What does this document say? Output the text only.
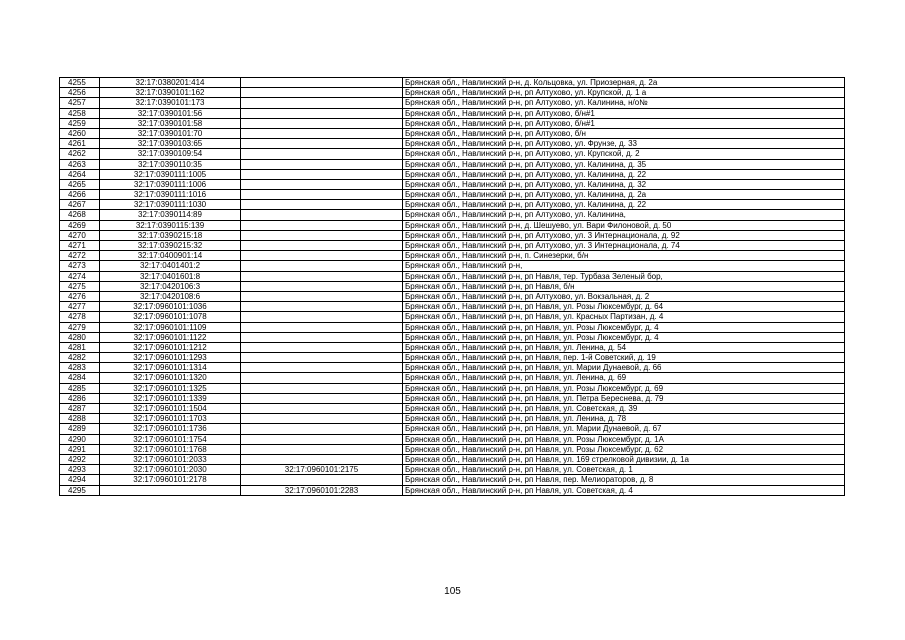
4255	32:17:0380201:414		Брянская обл., Навлинский р-н, д. Кольцовка, ул. Приозерная, д. 2а
4256	32:17:0390101:162		Брянская обл., Навлинский р-н, рп Алтухово, ул. Крупской, д. 1 а
4257	32:17:0390101:173		Брянская обл., Навлинский р-н, рп Алтухово, ул. Калинина, н/о№
4258	32:17:0390101:56		Брянская обл., Навлинский р-н, рп Алтухово, б/н#1
4259	32:17:0390101:58		Брянская обл., Навлинский р-н, рп Алтухово, б/н#1
4260	32:17:0390101:70		Брянская обл., Навлинский р-н, рп Алтухово, б/н
4261	32:17:0390103:65		Брянская обл., Навлинский р-н, рп Алтухово, ул. Фрунзе, д. 33
4262	32:17:0390109:54		Брянская обл., Навлинский р-н, рп Алтухово, ул. Крупской, д. 2
4263	32:17:0390110:35		Брянская обл., Навлинский р-н, рп Алтухово, ул. Калинина, д. 35
4264	32:17:0390111:1005		Брянская обл., Навлинский р-н, рп Алтухово, ул. Калинина, д. 22
4265	32:17:0390111:1006		Брянская обл., Навлинский р-н, рп Алтухово, ул. Калинина, д. 32
4266	32:17:0390111:1016		Брянская обл., Навлинский р-н, рп Алтухово, ул. Калинина, д. 2а
4267	32:17:0390111:1030		Брянская обл., Навлинский р-н, рп Алтухово, ул. Калинина, д. 22
4268	32:17:0390114:89		Брянская обл., Навлинский р-н, рп Алтухово, ул. Калинина,
4269	32:17:0390115:139		Брянская обл., Навлинский р-н, д. Шешуево, ул. Вари Филоновой, д. 50
4270	32:17:0390215:18		Брянская обл., Навлинский р-н, рп Алтухово, ул. 3 Интернационала, д. 92
4271	32:17:0390215:32		Брянская обл., Навлинский р-н, рп Алтухово, ул. 3 Интернационала, д. 74
4272	32:17:0400901:14		Брянская обл., Навлинский р-н, п. Синезерки, б/н
4273	32:17:0401401:2		Брянская обл., Навлинский р-н,
4274	32:17:0401601:8		Брянская обл., Навлинский р-н, рп Навля, тер. Турбаза Зеленый бор,
4275	32:17:0420106:3		Брянская обл., Навлинский р-н, рп Навля, б/н
4276	32:17:0420108:6		Брянская обл., Навлинский р-н, рп Алтухово, ул. Вокзальная, д. 2
4277	32:17:0960101:1036		Брянская обл., Навлинский р-н, рп Навля, ул. Розы Люксембург, д. 64
4278	32:17:0960101:1078		Брянская обл., Навлинский р-н, рп Навля, ул. Красных Партизан, д. 4
4279	32:17:0960101:1109		Брянская обл., Навлинский р-н, рп Навля, ул. Розы Люксембург, д. 4
4280	32:17:0960101:1122		Брянская обл., Навлинский р-н, рп Навля, ул. Розы Люксембург, д. 4
4281	32:17:0960101:1212		Брянская обл., Навлинский р-н, рп Навля, ул. Ленина, д. 54
4282	32:17:0960101:1293		Брянская обл., Навлинский р-н, рп Навля, пер. 1-й Советский, д. 19
4283	32:17:0960101:1314		Брянская обл., Навлинский р-н, рп Навля, ул. Марии Дунаевой, д. 66
4284	32:17:0960101:1320		Брянская обл., Навлинский р-н, рп Навля, ул. Ленина, д. 69
4285	32:17:0960101:1325		Брянская обл., Навлинский р-н, рп Навля, ул. Розы Люксембург, д. 69
4286	32:17:0960101:1339		Брянская обл., Навлинский р-н, рп Навля, ул. Петра Береснева, д. 79
4287	32:17:0960101:1504		Брянская обл., Навлинский р-н, рп Навля, ул. Советская, д. 39
4288	32:17:0960101:1703		Брянская обл., Навлинский р-н, рп Навля, ул. Ленина, д. 78
4289	32:17:0960101:1736		Брянская обл., Навлинский р-н, рп Навля, ул. Марии Дунаевой, д. 67
4290	32:17:0960101:1754		Брянская обл., Навлинский р-н, рп Навля, ул. Розы Люксембург, д. 1А
4291	32:17:0960101:1768		Брянская обл., Навлинский р-н, рп Навля, ул. Розы Люксембург, д. 62
4292	32:17:0960101:2033		Брянская обл., Навлинский р-н, рп Навля, ул. 169 стрелковой дивизии, д. 1а
4293	32:17:0960101:2030	32:17:0960101:2175	Брянская обл., Навлинский р-н, рп Навля, ул. Советская, д. 1
4294	32:17:0960101:2178		Брянская обл., Навлинский р-н, рп Навля, пер. Мелиораторов, д. 8
4295		32:17:0960101:2283	Брянская обл., Навлинский р-н, рп Навля, ул. Советская, д. 4
105
